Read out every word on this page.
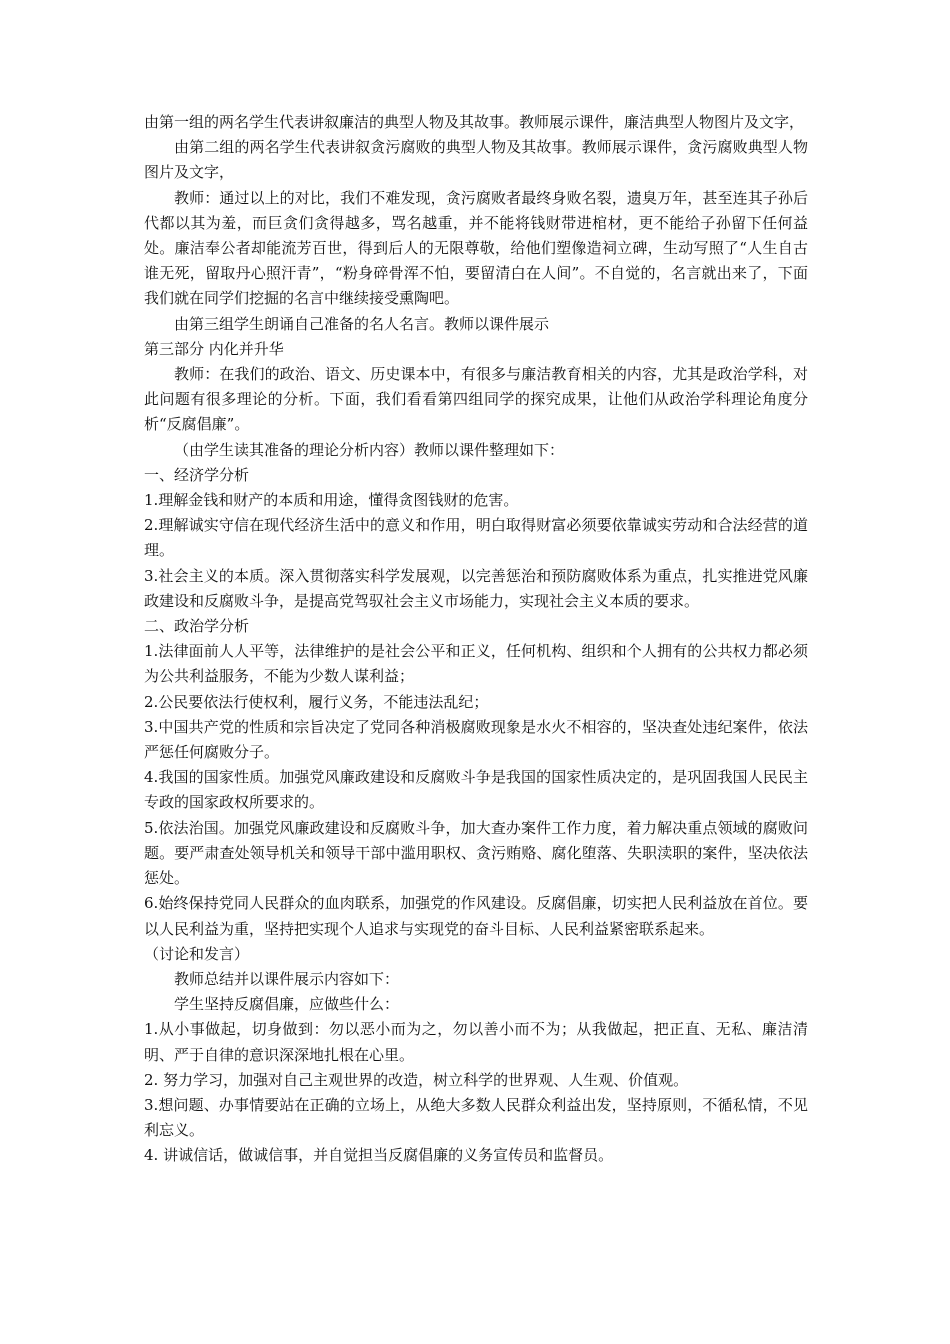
由第一组的两名学生代表讲叙廉洁的典型人物及其故事。教师展示课件，廉洁典型人物图片及文字，

由第二组的两名学生代表讲叙贪污腐败的典型人物及其故事。教师展示课件，贪污腐败典型人物图片及文字，

教师：通过以上的对比，我们不难发现，贪污腐败者最终身败名裂，遗臭万年，甚至连其子孙后代都以其为羞，而巨贪们贪得越多，骂名越重，并不能将钱财带进棺材，更不能给子孙留下任何益处。廉洁奉公者却能流芳百世，得到后人的无限尊敬，给他们塑像造祠立碑，生动写照了“人生自古谁无死，留取丹心照汗青”，“粉身碎骨浑不怕，要留清白在人间”。不自觉的，名言就出来了，下面我们就在同学们挖掘的名言中继续接受熏陶吧。

由第三组学生朗诵自己准备的名人名言。教师以课件展示

第三部分 内化并升华

教师：在我们的政治、语文、历史课本中，有很多与廉洁教育相关的内容，尤其是政治学科，对此问题有很多理论的分析。下面，我们看看第四组同学的探究成果，让他们从政治学科理论角度分析“反腐倡廉”。

（由学生读其准备的理论分析内容）教师以课件整理如下：

一、经济学分析

1.理解金钱和财产的本质和用途，懂得贪图钱财的危害。

2.理解诚实守信在现代经济生活中的意义和作用，明白取得财富必须要依靠诚实劳动和合法经营的道理。

3.社会主义的本质。深入贯彻落实科学发展观，以完善惩治和预防腐败体系为重点，扎实推进党风廉政建设和反腐败斗争，是提高党驾驭社会主义市场能力，实现社会主义本质的要求。

二、政治学分析

1.法律面前人人平等，法律维护的是社会公平和正义，任何机构、组织和个人拥有的公共权力都必须为公共利益服务，不能为少数人谋利益；

2.公民要依法行使权利，履行义务，不能违法乱纪；

3.中国共产党的性质和宗旨决定了党同各种消极腐败现象是水火不相容的，坚决查处违纪案件，依法严惩任何腐败分子。

4.我国的国家性质。加强党风廉政建设和反腐败斗争是我国的国家性质决定的，是巩固我国人民民主专政的国家政权所要求的。

5.依法治国。加强党风廉政建设和反腐败斗争，加大查办案件工作力度，着力解决重点领域的腐败问题。要严肃查处领导机关和领导干部中滥用职权、贪污贿赂、腐化堕落、失职渎职的案件，坚决依法惩处。

6.始终保持党同人民群众的血肉联系，加强党的作风建设。反腐倡廉，切实把人民利益放在首位。要以人民利益为重，坚持把实现个人追求与实现党的奋斗目标、人民利益紧密联系起来。

（讨论和发言）

教师总结并以课件展示内容如下：

学生坚持反腐倡廉，应做些什么：

1.从小事做起，切身做到：勿以恶小而为之，勿以善小而不为；从我做起，把正直、无私、廉洁清明、严于自律的意识深深地扎根在心里。

2. 努力学习，加强对自己主观世界的改造，树立科学的世界观、人生观、价值观。

3.想问题、办事情要站在正确的立场上，从绝大多数人民群众利益出发，坚持原则，不循私情，不见利忘义。

4. 讲诚信话，做诚信事，并自觉担当反腐倡廉的义务宣传员和监督员。
